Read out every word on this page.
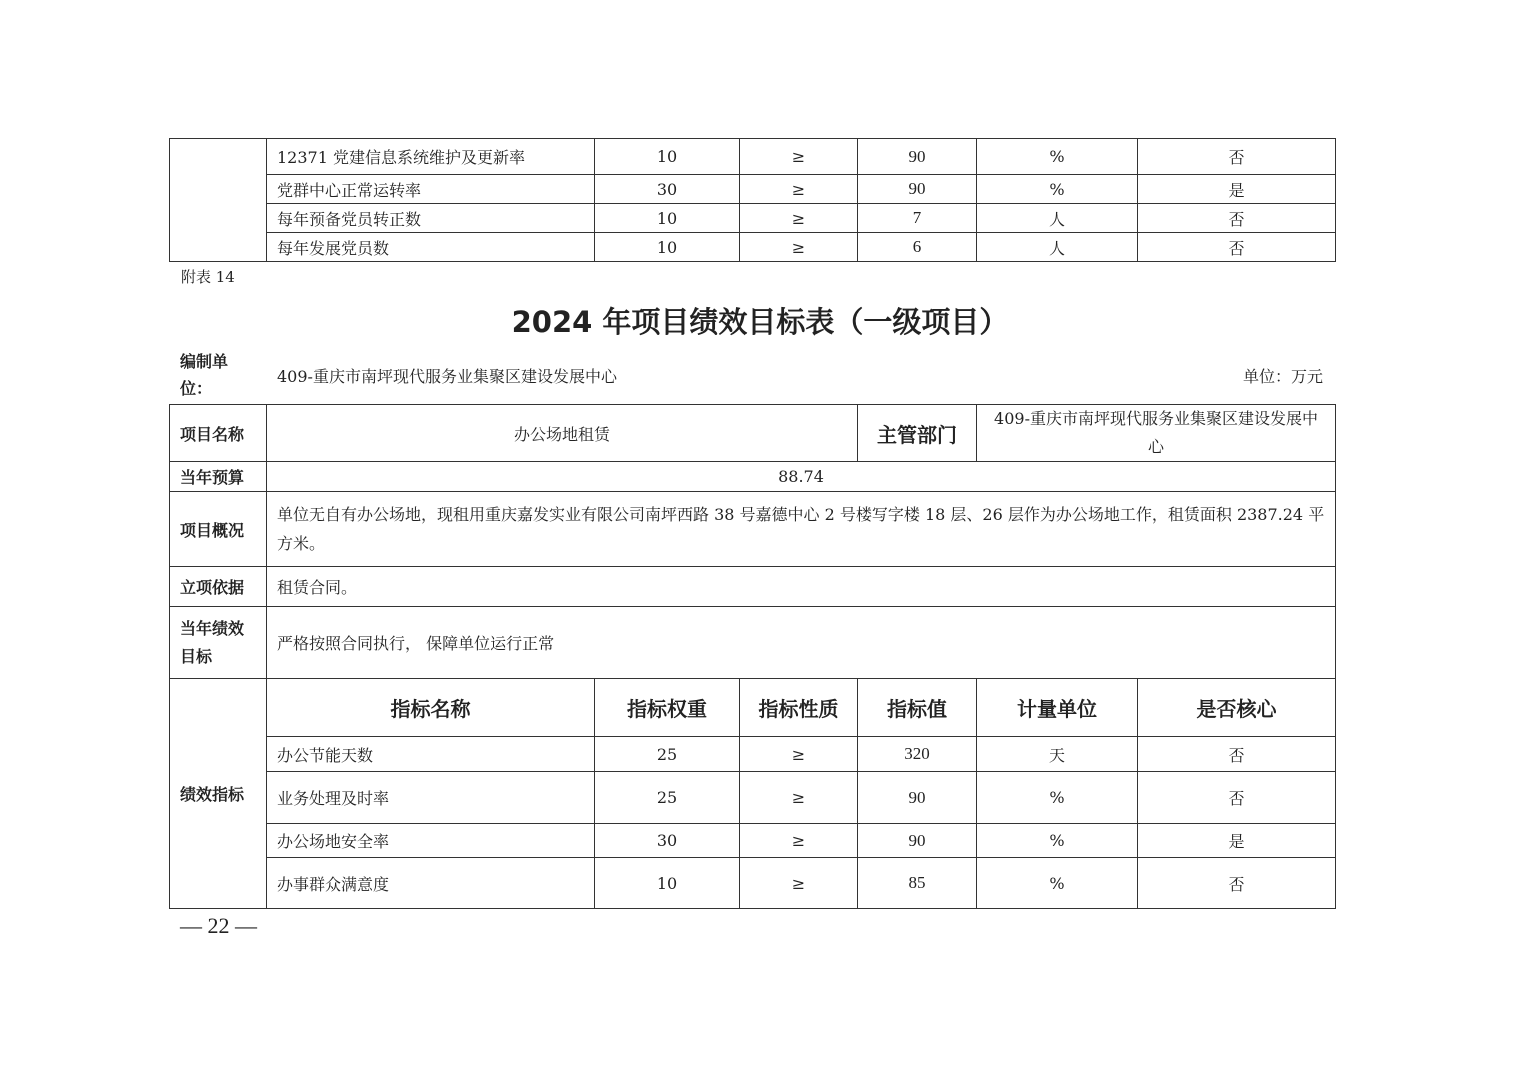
	12371 党建信息系统维护及更新率	10	≥	90	%	否
	党群中心正常运转率	30	≥	90	%	是
	每年预备党员转正数	10	≥	7	人	否
	每年发展党员数	10	≥	6	人	否
附表 14
2024 年项目绩效目标表（一级项目）
编制单位：
409-重庆市南坪现代服务业集聚区建设发展中心	单位：万元
项目名称	办公场地租赁			主管部门	409-重庆市南坪现代服务业集聚区建设发展中心	
当年预算	88.74					
项目概况	单位无自有办公场地，现租用重庆嘉发实业有限公司南坪西路 38 号嘉德中心 2 号楼写字楼 18 层、26 层作为办公场地工作，租赁面积 2387.24 平方米。					
立项依据	租赁合同。					
当年绩效目标	严格按照合同执行， 保障单位运行正常					
绩效指标	指标名称	指标权重	指标性质	指标值	计量单位	是否核心
	办公节能天数	25	≥	320	天	否
	业务处理及时率	25	≥	90	%	否
	办公场地安全率	30	≥	90	%	是
	办事群众满意度	10	≥	85	%	否
— 22 —
